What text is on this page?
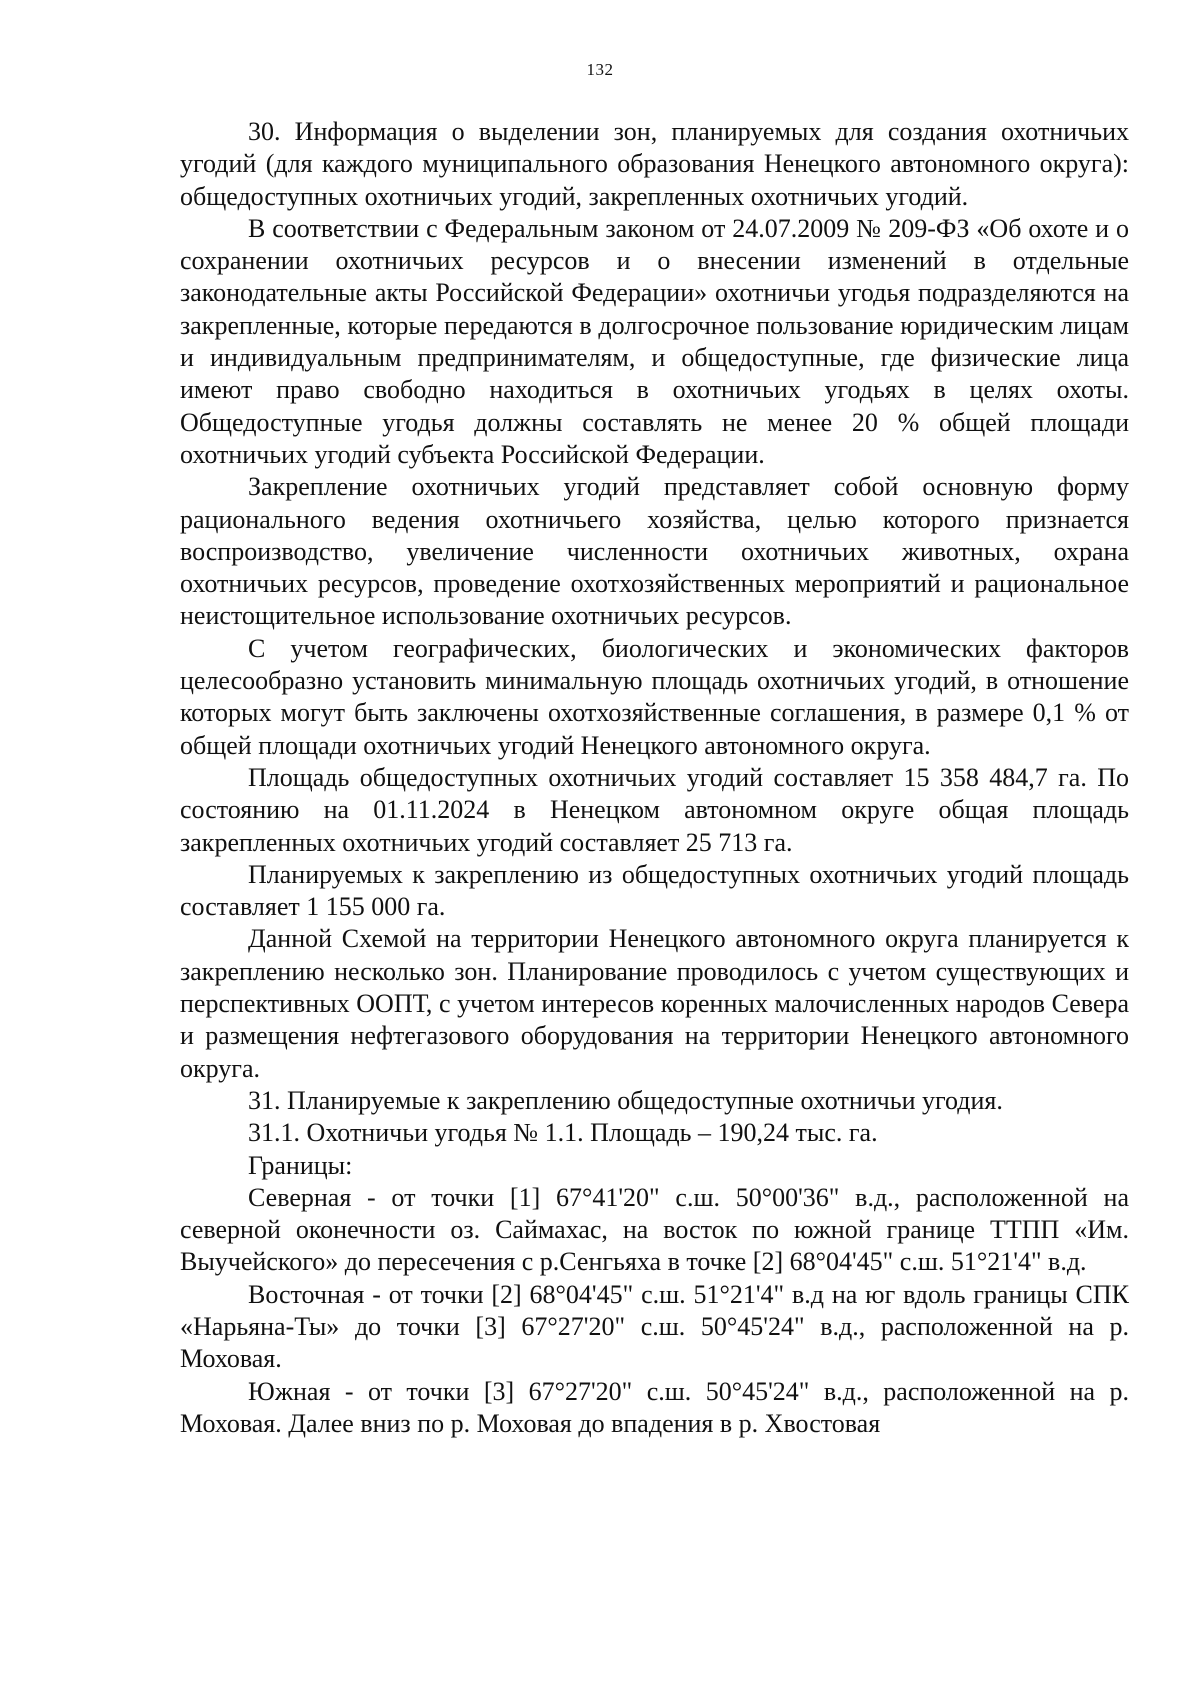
132

30. Информация о выделении зон, планируемых для создания охотничьих угодий (для каждого муниципального образования Ненецкого автономного округа): общедоступных охотничьих угодий, закрепленных охотничьих угодий.

В соответствии с Федеральным законом от 24.07.2009 № 209-ФЗ «Об охоте и о сохранении охотничьих ресурсов и о внесении изменений в отдельные законодательные акты Российской Федерации» охотничьи угодья подразделяются на закрепленные, которые передаются в долгосрочное пользование юридическим лицам и индивидуальным предпринимателям, и общедоступные, где физические лица имеют право свободно находиться в охотничьих угодьях в целях охоты. Общедоступные угодья должны составлять не менее 20 % общей площади охотничьих угодий субъекта Российской Федерации.

Закрепление охотничьих угодий представляет собой основную форму рационального ведения охотничьего хозяйства, целью которого признается воспроизводство, увеличение численности охотничьих животных, охрана охотничьих ресурсов, проведение охотхозяйственных мероприятий и рациональное неистощительное использование охотничьих ресурсов.

С учетом географических, биологических и экономических факторов целесообразно установить минимальную площадь охотничьих угодий, в отношение которых могут быть заключены охотхозяйственные соглашения, в размере 0,1 % от общей площади охотничьих угодий Ненецкого автономного округа.

Площадь общедоступных охотничьих угодий составляет 15 358 484,7 га. По состоянию на 01.11.2024 в Ненецком автономном округе общая площадь закрепленных охотничьих угодий составляет 25 713 га.

Планируемых к закреплению из общедоступных охотничьих угодий площадь составляет 1 155 000 га.

Данной Схемой на территории Ненецкого автономного округа планируется к закреплению несколько зон. Планирование проводилось с учетом существующих и перспективных ООПТ, с учетом интересов коренных малочисленных народов Севера и размещения нефтегазового оборудования на территории Ненецкого автономного округа.

31. Планируемые к закреплению общедоступные охотничьи угодия.

31.1. Охотничьи угодья № 1.1. Площадь – 190,24 тыс. га.

Границы:

Северная - от точки [1] 67°41'20" с.ш. 50°00'36" в.д., расположенной на северной оконечности оз. Саймахас, на восток по южной границе ТТПП «Им. Выучейского» до пересечения с р.Сенгьяха в точке [2] 68°04'45" с.ш. 51°21'4" в.д.

Восточная - от точки [2] 68°04'45" с.ш. 51°21'4" в.д на юг вдоль границы СПК «Нарьяна-Ты» до точки [3] 67°27'20" с.ш. 50°45'24" в.д., расположенной на р. Моховая.

Южная - от точки [3] 67°27'20" с.ш. 50°45'24" в.д., расположенной на р. Моховая. Далее вниз по р. Моховая до впадения в р. Хвостовая
